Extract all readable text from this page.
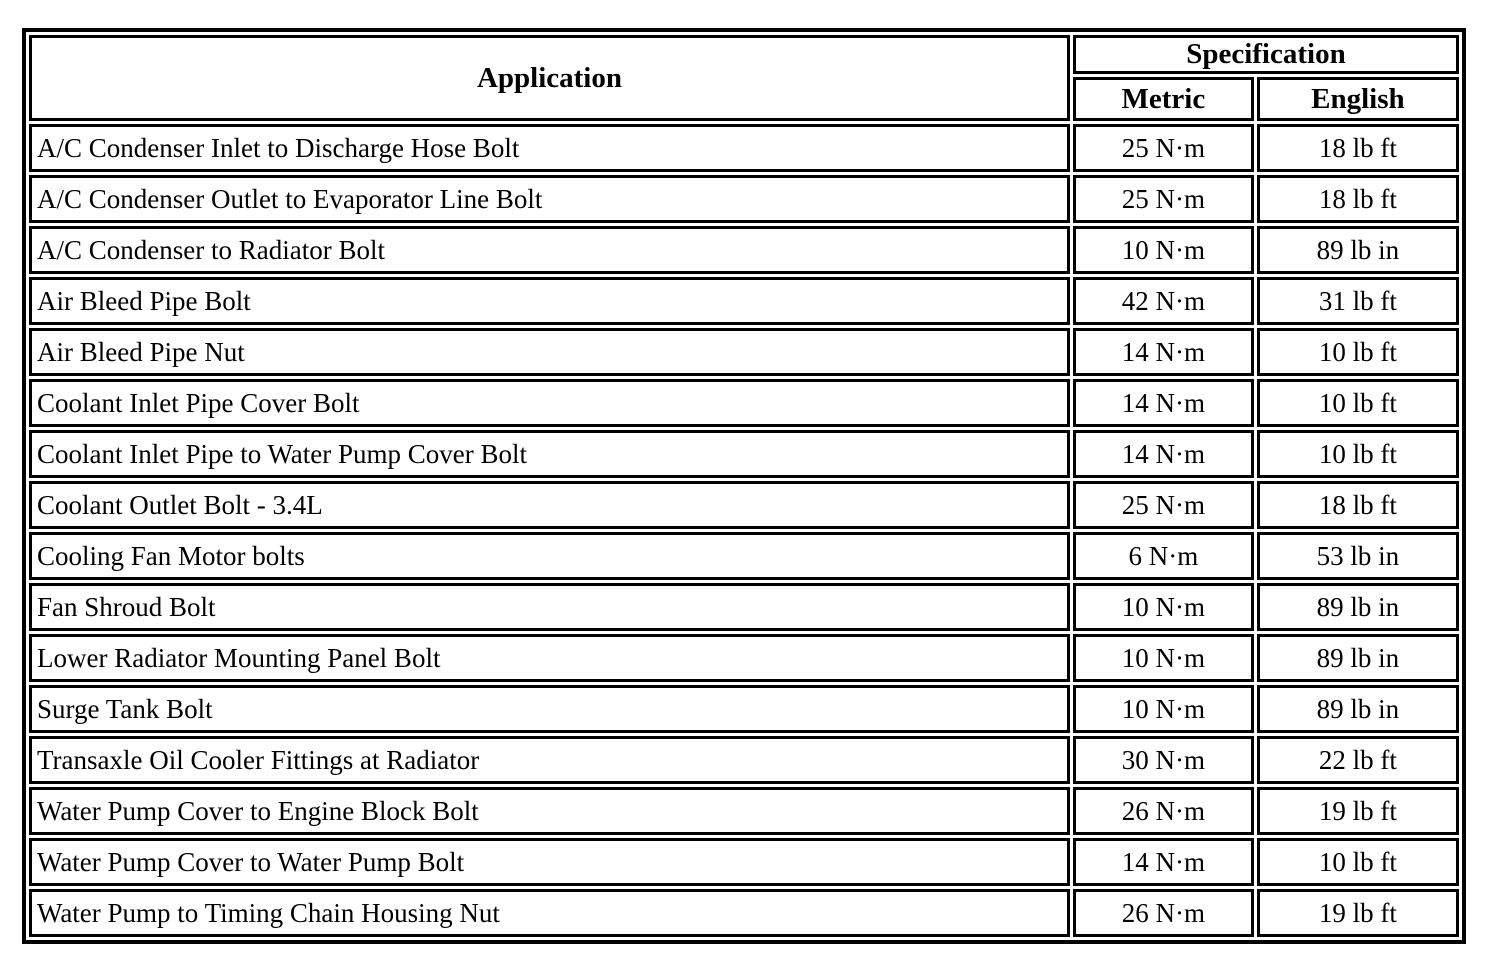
Application	Specification	
	Metric	English
A/C Condenser Inlet to Discharge Hose Bolt	25 N·m	18 lb ft
A/C Condenser Outlet to Evaporator Line Bolt	25 N·m	18 lb ft
A/C Condenser to Radiator Bolt	10 N·m	89 lb in
Air Bleed Pipe Bolt	42 N·m	31 lb ft
Air Bleed Pipe Nut	14 N·m	10 lb ft
Coolant Inlet Pipe Cover Bolt	14 N·m	10 lb ft
Coolant Inlet Pipe to Water Pump Cover Bolt	14 N·m	10 lb ft
Coolant Outlet Bolt - 3.4L	25 N·m	18 lb ft
Cooling Fan Motor bolts	6 N·m	53 lb in
Fan Shroud Bolt	10 N·m	89 lb in
Lower Radiator Mounting Panel Bolt	10 N·m	89 lb in
Surge Tank Bolt	10 N·m	89 lb in
Transaxle Oil Cooler Fittings at Radiator	30 N·m	22 lb ft
Water Pump Cover to Engine Block Bolt	26 N·m	19 lb ft
Water Pump Cover to Water Pump Bolt	14 N·m	10 lb ft
Water Pump to Timing Chain Housing Nut	26 N·m	19 lb ft
